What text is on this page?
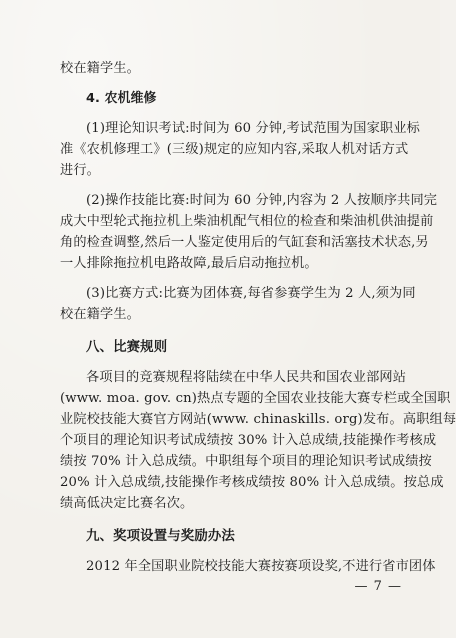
校在籍学生。
4. 农机维修
(1)理论知识考试:时间为 60 分钟,考试范围为国家职业标
准《农机修理工》(三级)规定的应知内容,采取人机对话方式
进行。
(2)操作技能比赛:时间为 60 分钟,内容为 2 人按顺序共同完
成大中型轮式拖拉机上柴油机配气相位的检查和柴油机供油提前
角的检查调整,然后一人鉴定使用后的气缸套和活塞技术状态,另
一人排除拖拉机电路故障,最后启动拖拉机。
(3)比赛方式:比赛为团体赛,每省参赛学生为 2 人,须为同
校在籍学生。
八、比赛规则
各项目的竞赛规程将陆续在中华人民共和国农业部网站
(www. moa. gov. cn)热点专题的全国农业技能大赛专栏或全国职
业院校技能大赛官方网站(www. chinaskills. org)发布。高职组每
个项目的理论知识考试成绩按 30% 计入总成绩,技能操作考核成
绩按 70% 计入总成绩。中职组每个项目的理论知识考试成绩按
20% 计入总成绩,技能操作考核成绩按 80% 计入总成绩。按总成
绩高低决定比赛名次。
九、奖项设置与奖励办法
2012 年全国职业院校技能大赛按赛项设奖,不进行省市团体
— 7 —
